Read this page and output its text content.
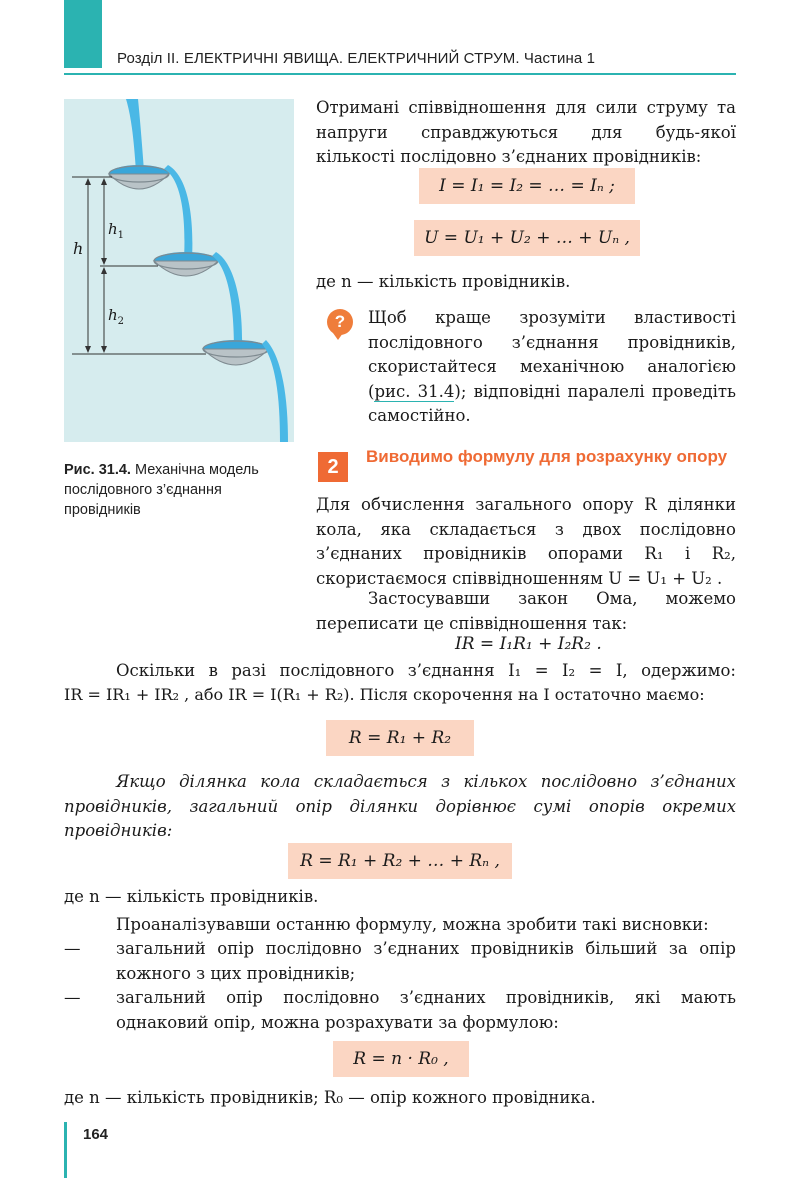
Розділ II. ЕЛЕКТРИЧНІ ЯВИЩА. ЕЛЕКТРИЧНИЙ СТРУМ. Частина 1
h
$h_1$
$h_2$
Рис. 31.4. Механічна модель послідовного з’єднання провідників
Отримані співвідношення для сили струму та напруги справджуються для будь-якої кількості послідовно з’єднаних провідників:
I = I₁ = I₂ = … = Iₙ ;
U = U₁ + U₂ + … + Uₙ ,
де n — кількість провідників.
?	Щоб краще зрозуміти властивості послідовного з’єднання провідників, скористайтеся механічною аналогією (рис. 31.4); відповідні паралелі проведіть самостійно.
2	Виводимо формулу для розрахунку опору
Для обчислення загального опору R ділянки кола, яка складається з двох послідовно з’єднаних провідників опорами R₁ і R₂, скористаємося співвідношенням U = U₁ + U₂ .
Застосувавши закон Ома, можемо переписати це співвідношення так:
IR = I₁R₁ + I₂R₂ .
Оскільки в разі послідовного з’єднання I₁ = I₂ = I, одержимо:
IR = IR₁ + IR₂ , або IR = I(R₁ + R₂). Після скорочення на I остаточно маємо:
R = R₁ + R₂
Якщо ділянка кола складається з кількох послідовно з’єднаних провідників, загальний опір ділянки дорівнює сумі опорів окремих провідників:
R = R₁ + R₂ + … + Rₙ ,
де n — кількість провідників.
Проаналізувавши останню формулу, можна зробити такі висновки:
— загальний опір послідовно з’єднаних провідників більший за опір кожного з цих провідників;
— загальний опір послідовно з’єднаних провідників, які мають однаковий опір, можна розрахувати за формулою:
R = n · R₀ ,
де n — кількість провідників; R₀ — опір кожного провідника.
164
